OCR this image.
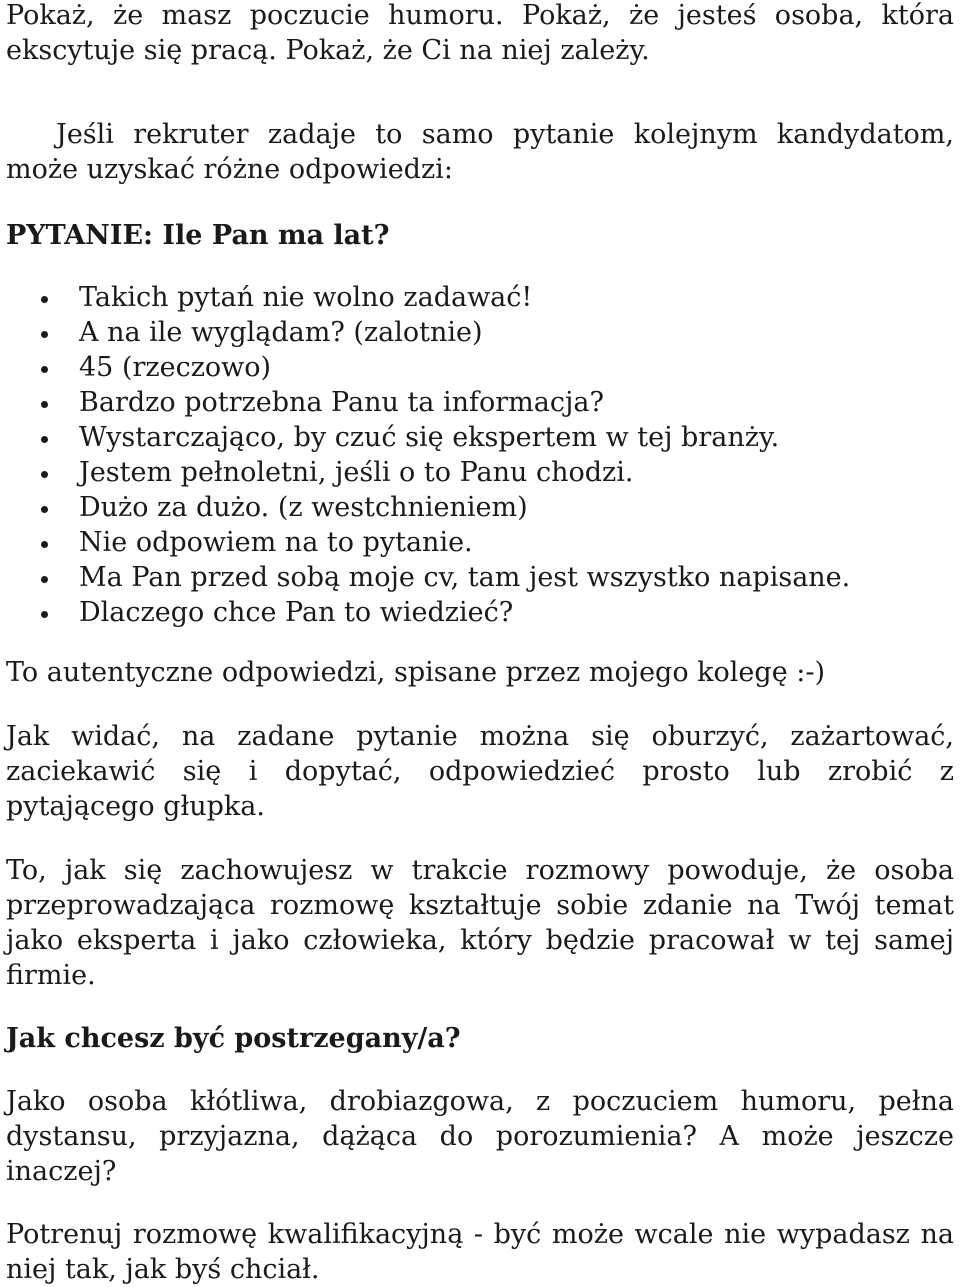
Pokaż, że masz poczucie humoru. Pokaż, że jesteś osoba, która ekscytuje się pracą. Pokaż, że Ci na niej zależy.

Jeśli rekruter zadaje to samo pytanie kolejnym kandydatom, może uzyskać różne odpowiedzi:

PYTANIE: Ile Pan ma lat?

Takich pytań nie wolno zadawać!
A na ile wyglądam? (zalotnie)
45 (rzeczowo)
Bardzo potrzebna Panu ta informacja?
Wystarczająco, by czuć się ekspertem w tej branży.
Jestem pełnoletni, jeśli o to Panu chodzi.
Dużo za dużo. (z westchnieniem)
Nie odpowiem na to pytanie.
Ma Pan przed sobą moje cv, tam jest wszystko napisane.
Dlaczego chce Pan to wiedzieć?

To autentyczne odpowiedzi, spisane przez mojego kolegę :-)

Jak widać, na zadane pytanie można się oburzyć, zażartować, zaciekawić się i dopytać, odpowiedzieć prosto lub zrobić z pytającego głupka.

To, jak się zachowujesz w trakcie rozmowy powoduje, że osoba przeprowadzająca rozmowę kształtuje sobie zdanie na Twój temat jako eksperta i jako człowieka, który będzie pracował w tej samej firmie.

Jak chcesz być postrzegany/a?

Jako osoba kłótliwa, drobiazgowa, z poczuciem humoru, pełna dystansu, przyjazna, dążąca do porozumienia? A może jeszcze inaczej?

Potrenuj rozmowę kwalifikacyjną - być może wcale nie wypadasz na niej tak, jak byś chciał.
